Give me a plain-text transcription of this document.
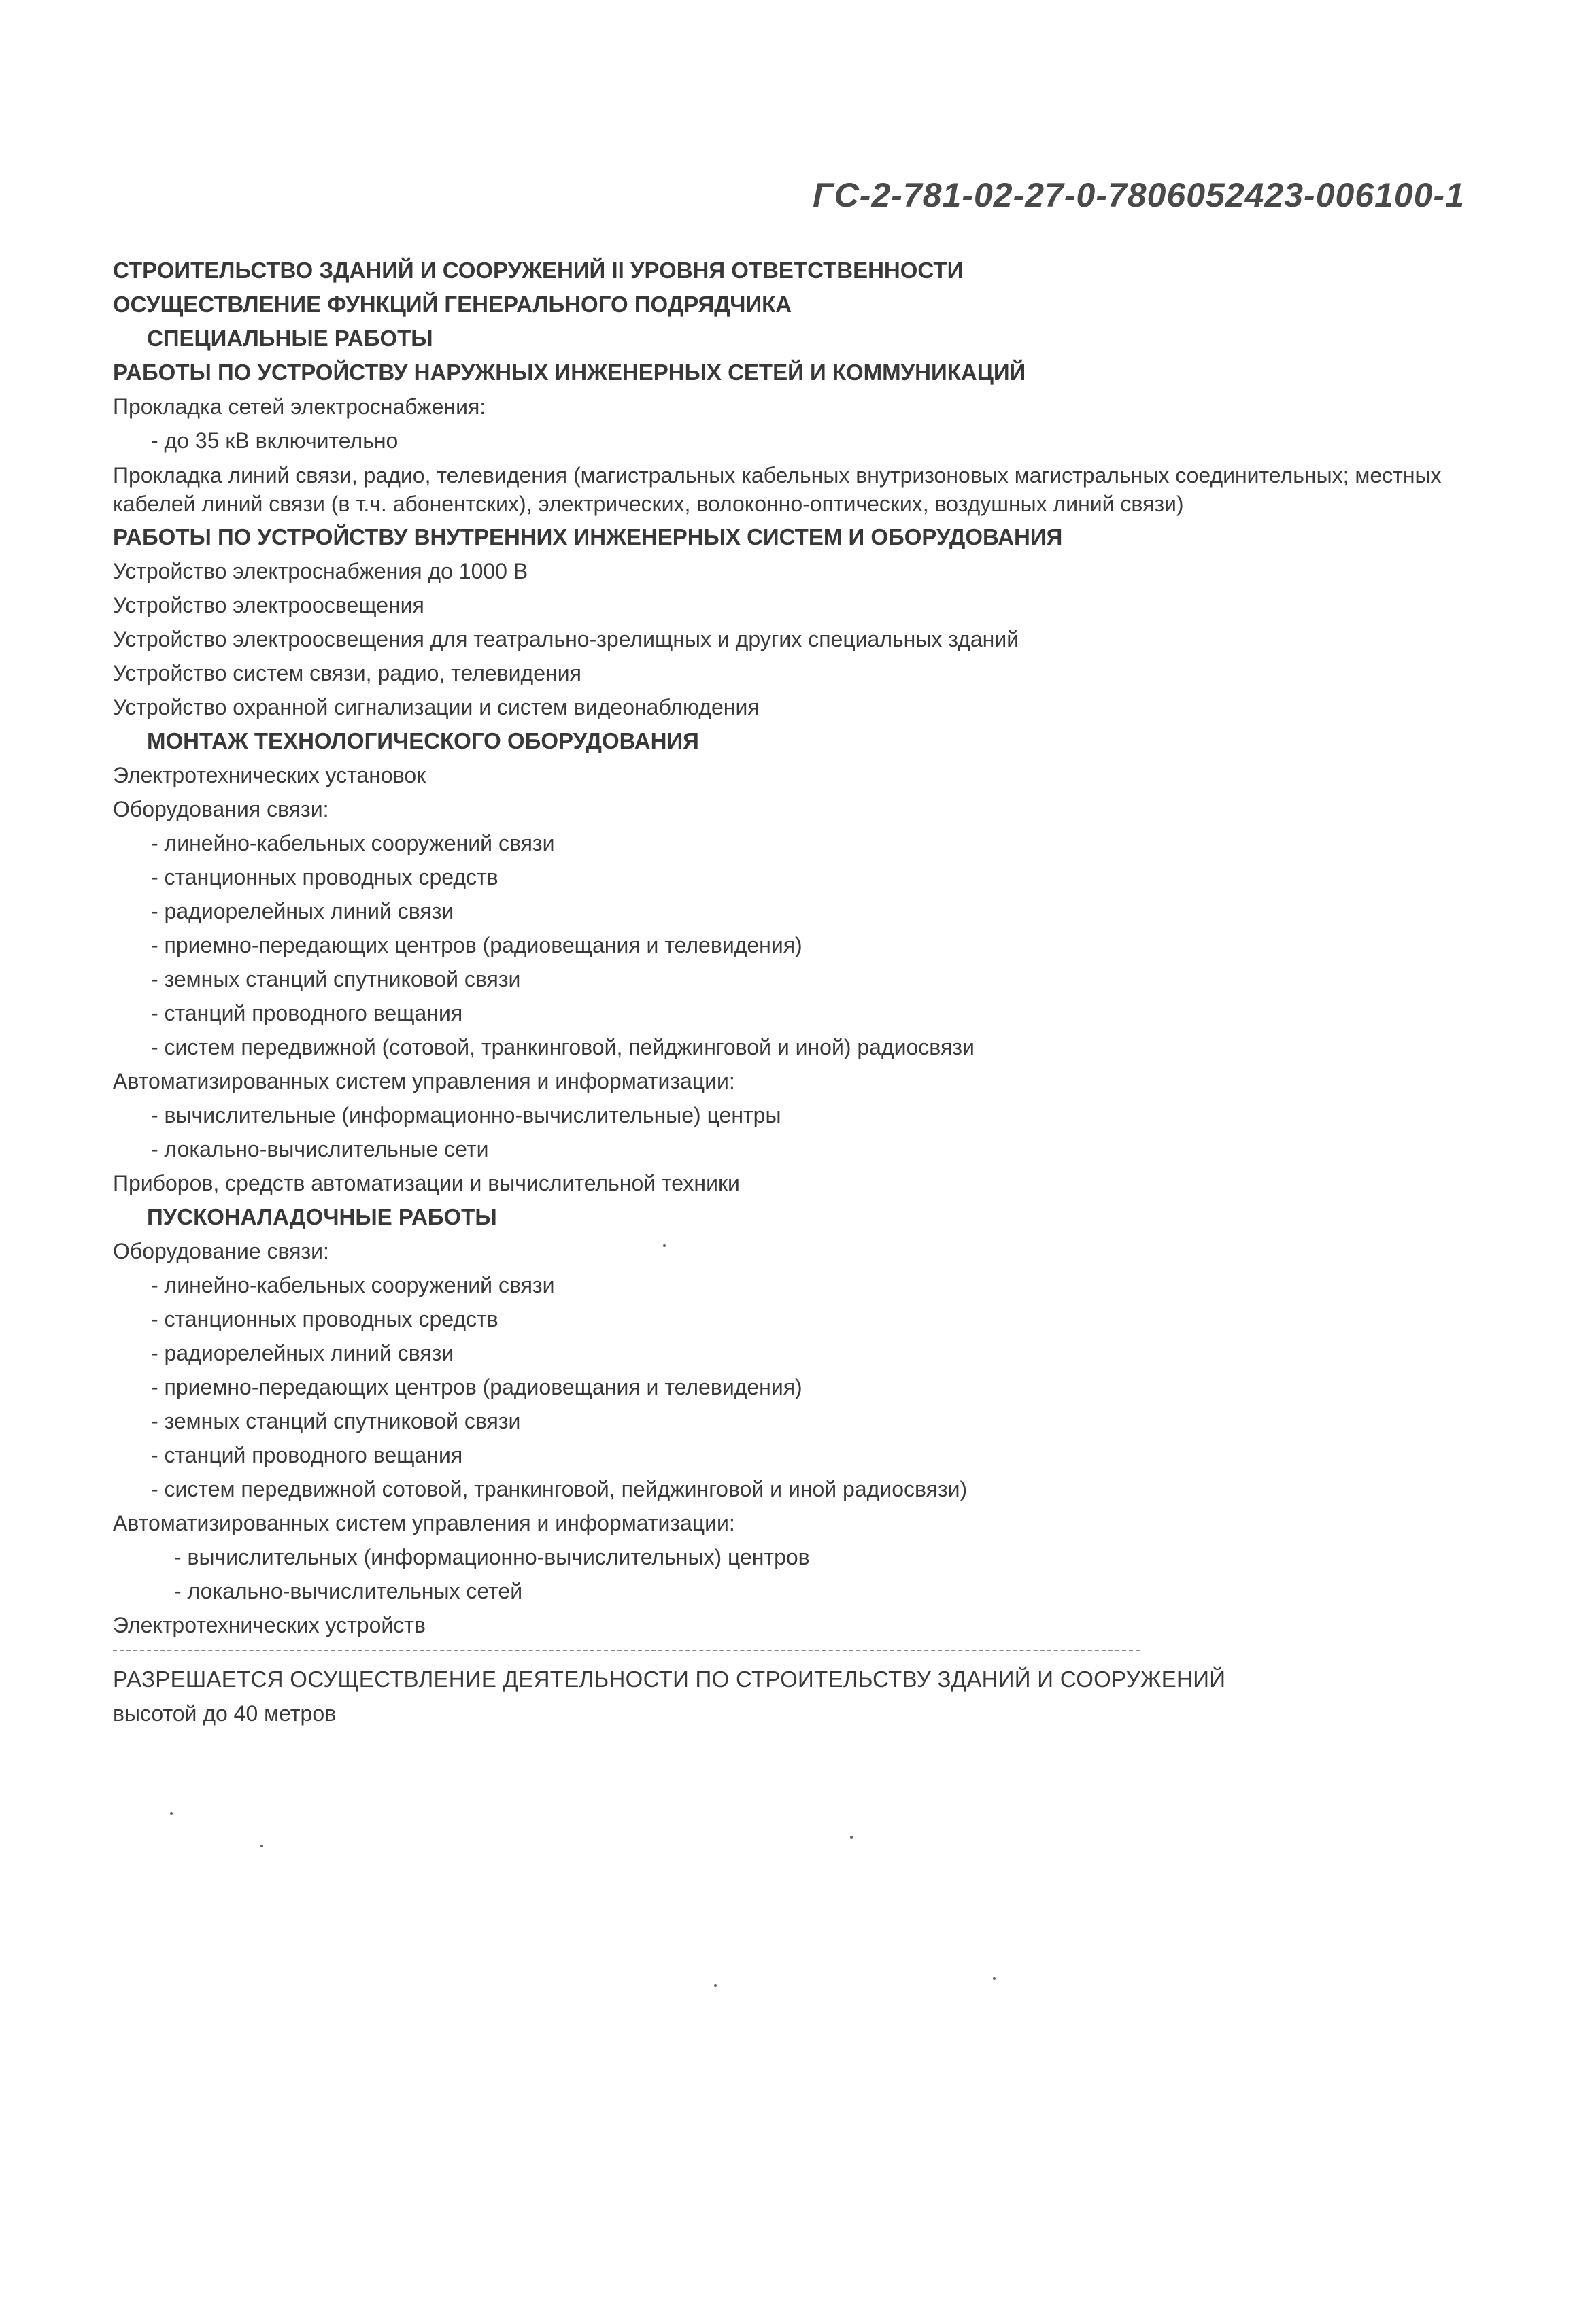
ГС-2-781-02-27-0-7806052423-006100-1
СТРОИТЕЛЬСТВО ЗДАНИЙ И СООРУЖЕНИЙ II УРОВНЯ ОТВЕТСТВЕННОСТИ
ОСУЩЕСТВЛЕНИЕ ФУНКЦИЙ ГЕНЕРАЛЬНОГО ПОДРЯДЧИКА
СПЕЦИАЛЬНЫЕ РАБОТЫ
РАБОТЫ ПО УСТРОЙСТВУ НАРУЖНЫХ ИНЖЕНЕРНЫХ СЕТЕЙ И КОММУНИКАЦИЙ
Прокладка сетей электроснабжения:
- до 35 кВ включительно
Прокладка линий связи, радио, телевидения (магистральных кабельных внутризоновых магистральных соединительных; местных кабелей линий связи (в т.ч. абонентских), электрических, волоконно-оптических, воздушных линий связи)
РАБОТЫ ПО УСТРОЙСТВУ ВНУТРЕННИХ ИНЖЕНЕРНЫХ СИСТЕМ И ОБОРУДОВАНИЯ
Устройство электроснабжения до 1000 В
Устройство электроосвещения
Устройство электроосвещения для театрально-зрелищных и других специальных зданий
Устройство систем связи, радио, телевидения
Устройство охранной сигнализации и систем видеонаблюдения
МОНТАЖ ТЕХНОЛОГИЧЕСКОГО ОБОРУДОВАНИЯ
Электротехнических установок
Оборудования связи:
- линейно-кабельных сооружений связи
- станционных проводных средств
- радиорелейных линий связи
- приемно-передающих центров (радиовещания и телевидения)
- земных станций спутниковой связи
- станций проводного вещания
- систем передвижной (сотовой, транкинговой, пейджинговой и иной) радиосвязи
Автоматизированных систем управления и информатизации:
- вычислительные (информационно-вычислительные) центры
- локально-вычислительные сети
Приборов, средств автоматизации и вычислительной техники
ПУСКОНАЛАДОЧНЫЕ РАБОТЫ
Оборудование связи:
- линейно-кабельных сооружений связи
- станционных проводных средств
- радиорелейных линий связи
- приемно-передающих центров (радиовещания и телевидения)
- земных станций спутниковой связи
- станций проводного вещания
- систем передвижной сотовой, транкинговой, пейджинговой и иной радиосвязи)
Автоматизированных систем управления и информатизации:
- вычислительных (информационно-вычислительных) центров
- локально-вычислительных сетей
Электротехнических устройств
РАЗРЕШАЕТСЯ ОСУЩЕСТВЛЕНИЕ ДЕЯТЕЛЬНОСТИ ПО СТРОИТЕЛЬСТВУ ЗДАНИЙ И СООРУЖЕНИЙ
высотой до 40 метров
